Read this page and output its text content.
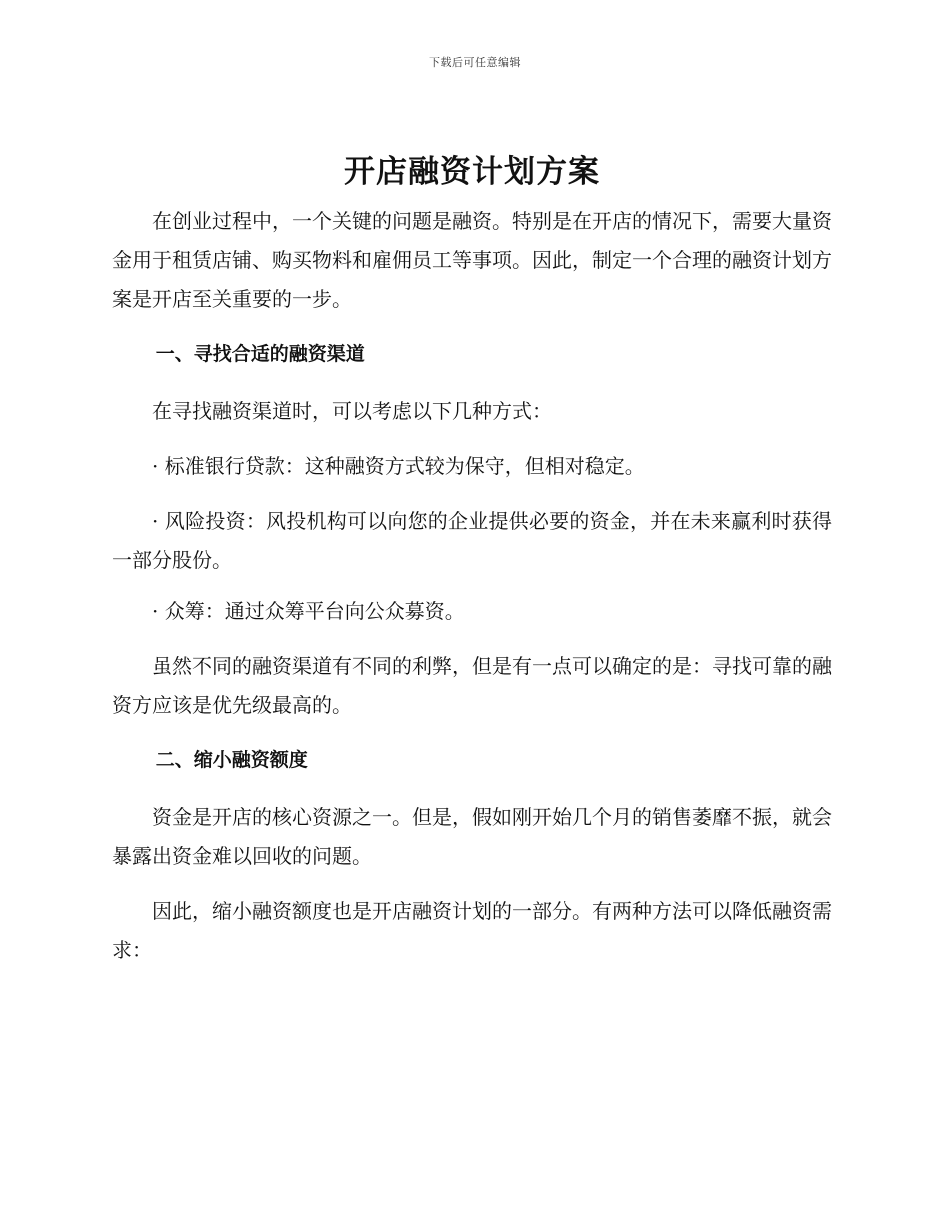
下载后可任意编辑
开店融资计划方案

在创业过程中，一个关键的问题是融资。特别是在开店的情况下，需要大量资金用于租赁店铺、购买物料和雇佣员工等事项。因此，制定一个合理的融资计划方案是开店至关重要的一步。

一、寻找合适的融资渠道

在寻找融资渠道时，可以考虑以下几种方式：

· 标准银行贷款：这种融资方式较为保守，但相对稳定。

· 风险投资：风投机构可以向您的企业提供必要的资金，并在未来赢利时获得一部分股份。

· 众筹：通过众筹平台向公众募资。

虽然不同的融资渠道有不同的利弊，但是有一点可以确定的是：寻找可靠的融资方应该是优先级最高的。

二、缩小融资额度

资金是开店的核心资源之一。但是，假如刚开始几个月的销售萎靡不振，就会暴露出资金难以回收的问题。

因此，缩小融资额度也是开店融资计划的一部分。有两种方法可以降低融资需求：
